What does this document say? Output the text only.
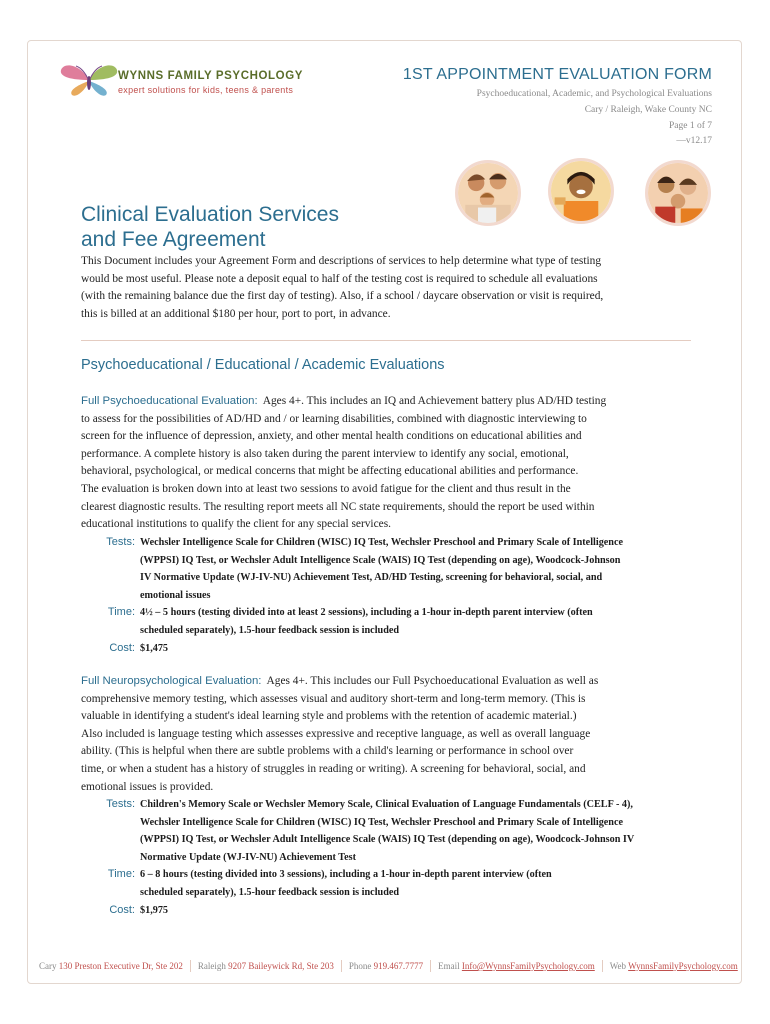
WYNNS FAMILY PSYCHOLOGY
expert solutions for kids, teens & parents
1ST APPOINTMENT EVALUATION FORM
Psychoeducational, Academic, and Psychological Evaluations
Cary / Raleigh, Wake County NC
Page 1 of 7
—v12.17
Clinical Evaluation Services
and Fee Agreement
This Document includes your Agreement Form and descriptions of services to help determine what type of testing
would be most useful. Please note a deposit equal to half of the testing cost is required to schedule all evaluations
(with the remaining balance due the first day of testing). Also, if a school / daycare observation or visit is required,
this is billed at an additional $180 per hour, port to port, in advance.
Psychoeducational / Educational / Academic Evaluations
Full Psychoeducational Evaluation: Ages 4+. This includes an IQ and Achievement battery plus AD/HD testing
to assess for the possibilities of AD/HD and / or learning disabilities, combined with diagnostic interviewing to
screen for the influence of depression, anxiety, and other mental health conditions on educational abilities and
performance. A complete history is also taken during the parent interview to identify any social, emotional,
behavioral, psychological, or medical concerns that might be affecting educational abilities and performance.
The evaluation is broken down into at least two sessions to avoid fatigue for the client and thus result in the
clearest diagnostic results. The resulting report meets all NC state requirements, should the report be used within
educational institutions to qualify the client for any special services.
Tests: Wechsler Intelligence Scale for Children (WISC) IQ Test, Wechsler Preschool and Primary Scale of Intelligence
(WPPSI) IQ Test, or Wechsler Adult Intelligence Scale (WAIS) IQ Test (depending on age), Woodcock-Johnson
IV Normative Update (WJ-IV-NU) Achievement Test, AD/HD Testing, screening for behavioral, social, and
emotional issues
Time: 4½ – 5 hours (testing divided into at least 2 sessions), including a 1-hour in-depth parent interview (often
scheduled separately), 1.5-hour feedback session is included
Cost: $1,475
Full Neuropsychological Evaluation: Ages 4+. This includes our Full Psychoeducational Evaluation as well as
comprehensive memory testing, which assesses visual and auditory short-term and long-term memory. (This is
valuable in identifying a student's ideal learning style and problems with the retention of academic material.)
Also included is language testing which assesses expressive and receptive language, as well as overall language
ability. (This is helpful when there are subtle problems with a child's learning or performance in school over
time, or when a student has a history of struggles in reading or writing). A screening for behavioral, social, and
emotional issues is provided.
Tests: Children's Memory Scale or Wechsler Memory Scale, Clinical Evaluation of Language Fundamentals (CELF - 4),
Wechsler Intelligence Scale for Children (WISC) IQ Test, Wechsler Preschool and Primary Scale of Intelligence
(WPPSI) IQ Test, or Wechsler Adult Intelligence Scale (WAIS) IQ Test (depending on age), Woodcock-Johnson IV
Normative Update (WJ-IV-NU) Achievement Test
Time: 6 – 8 hours (testing divided into 3 sessions), including a 1-hour in-depth parent interview (often
scheduled separately), 1.5-hour feedback session is included
Cost: $1,975
Cary 130 Preston Executive Dr, Ste 202	Raleigh 9207 Baileywick Rd, Ste 203	Phone 919.467.7777	Email Info@WynnsFamilyPsychology.com	Web WynnsFamilyPsychology.com
